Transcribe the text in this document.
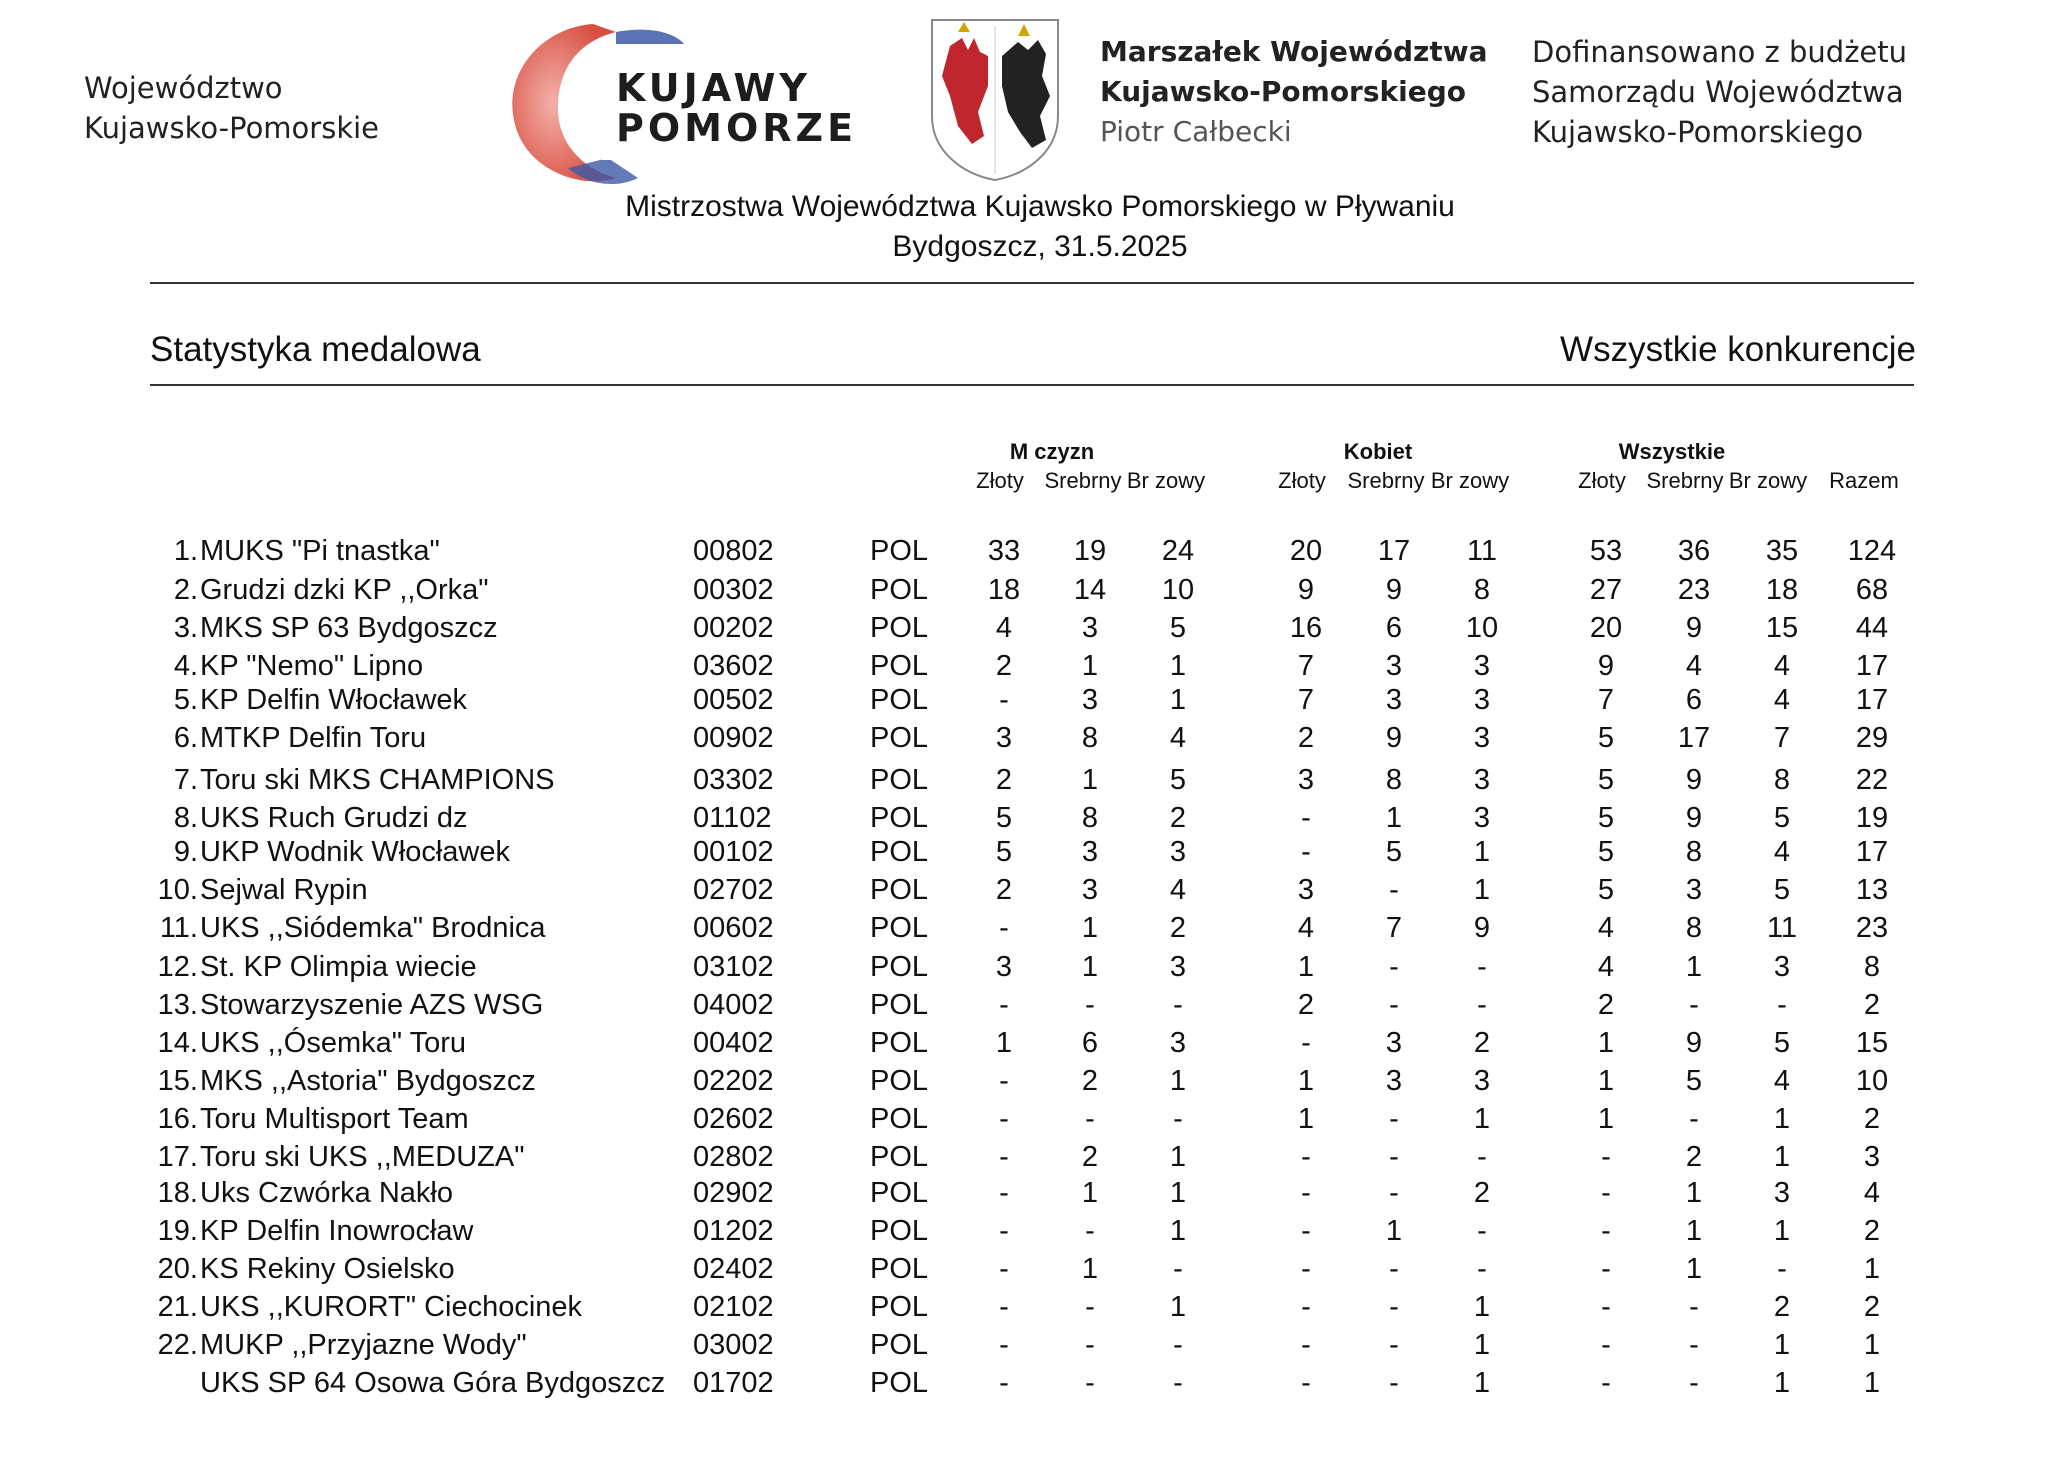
Województwo
Kujawsko-Pomorskie
KUJAWY
POMORZE
Marszałek Województwa
Kujawsko-Pomorskiego
Piotr Całbecki
Dofinansowano z budżetu
Samorządu Województwa
Kujawsko-Pomorskiego
Mistrzostwa Województwa Kujawsko Pomorskiego w Pływaniu
Bydgoszcz, 31.5.2025
Statystyka medalowa	Wszystkie konkurencje
M czyzn	Kobiet	Wszystkie
Złoty Srebrny Br zowy	Złoty Srebrny Br zowy	Złoty Srebrny Br zowy	Razem
1. MUKS "Pi tnastka"	00802	POL	33	19	24	20	17	11	53	36	35	124
2. Grudzi dzki KP ,,Orka"	00302	POL	18	14	10	9	9	8	27	23	18	68
3. MKS SP 63 Bydgoszcz	00202	POL	4	3	5	16	6	10	20	9	15	44
4. KP "Nemo" Lipno	03602	POL	2	1	1	7	3	3	9	4	4	17
5. KP Delfin Włocławek	00502	POL	-	3	1	7	3	3	7	6	4	17
6. MTKP Delfin Toru	00902	POL	3	8	4	2	9	3	5	17	7	29
7. Toru ski MKS CHAMPIONS	03302	POL	2	1	5	3	8	3	5	9	8	22
8. UKS Ruch Grudzi dz	01102	POL	5	8	2	-	1	3	5	9	5	19
9. UKP Wodnik Włocławek	00102	POL	5	3	3	-	5	1	5	8	4	17
10. Sejwal Rypin	02702	POL	2	3	4	3	-	1	5	3	5	13
11. UKS ,,Siódemka" Brodnica	00602	POL	-	1	2	4	7	9	4	8	11	23
12. St. KP Olimpia wiecie	03102	POL	3	1	3	1	-	-	4	1	3	8
13. Stowarzyszenie AZS WSG	04002	POL	-	-	-	2	-	-	2	-	-	2
14. UKS ,,Ósemka" Toru	00402	POL	1	6	3	-	3	2	1	9	5	15
15. MKS ,,Astoria" Bydgoszcz	02202	POL	-	2	1	1	3	3	1	5	4	10
16. Toru Multisport Team	02602	POL	-	-	-	1	-	1	1	-	1	2
17. Toru ski UKS ,,MEDUZA"	02802	POL	-	2	1	-	-	-	-	2	1	3
18. Uks Czwórka Nakło	02902	POL	-	1	1	-	-	2	-	1	3	4
19. KP Delfin Inowrocław	01202	POL	-	-	1	-	1	-	-	1	1	2
20. KS Rekiny Osielsko	02402	POL	-	1	-	-	-	-	-	1	-	1
21. UKS ,,KURORT" Ciechocinek	02102	POL	-	-	1	-	-	1	-	-	2	2
22. MUKP ,,Przyjazne Wody"	03002	POL	-	-	-	-	-	1	-	-	1	1
UKS SP 64 Osowa Góra Bydgoszcz 01702	POL	-	-	-	-	-	1	-	-	1	1
